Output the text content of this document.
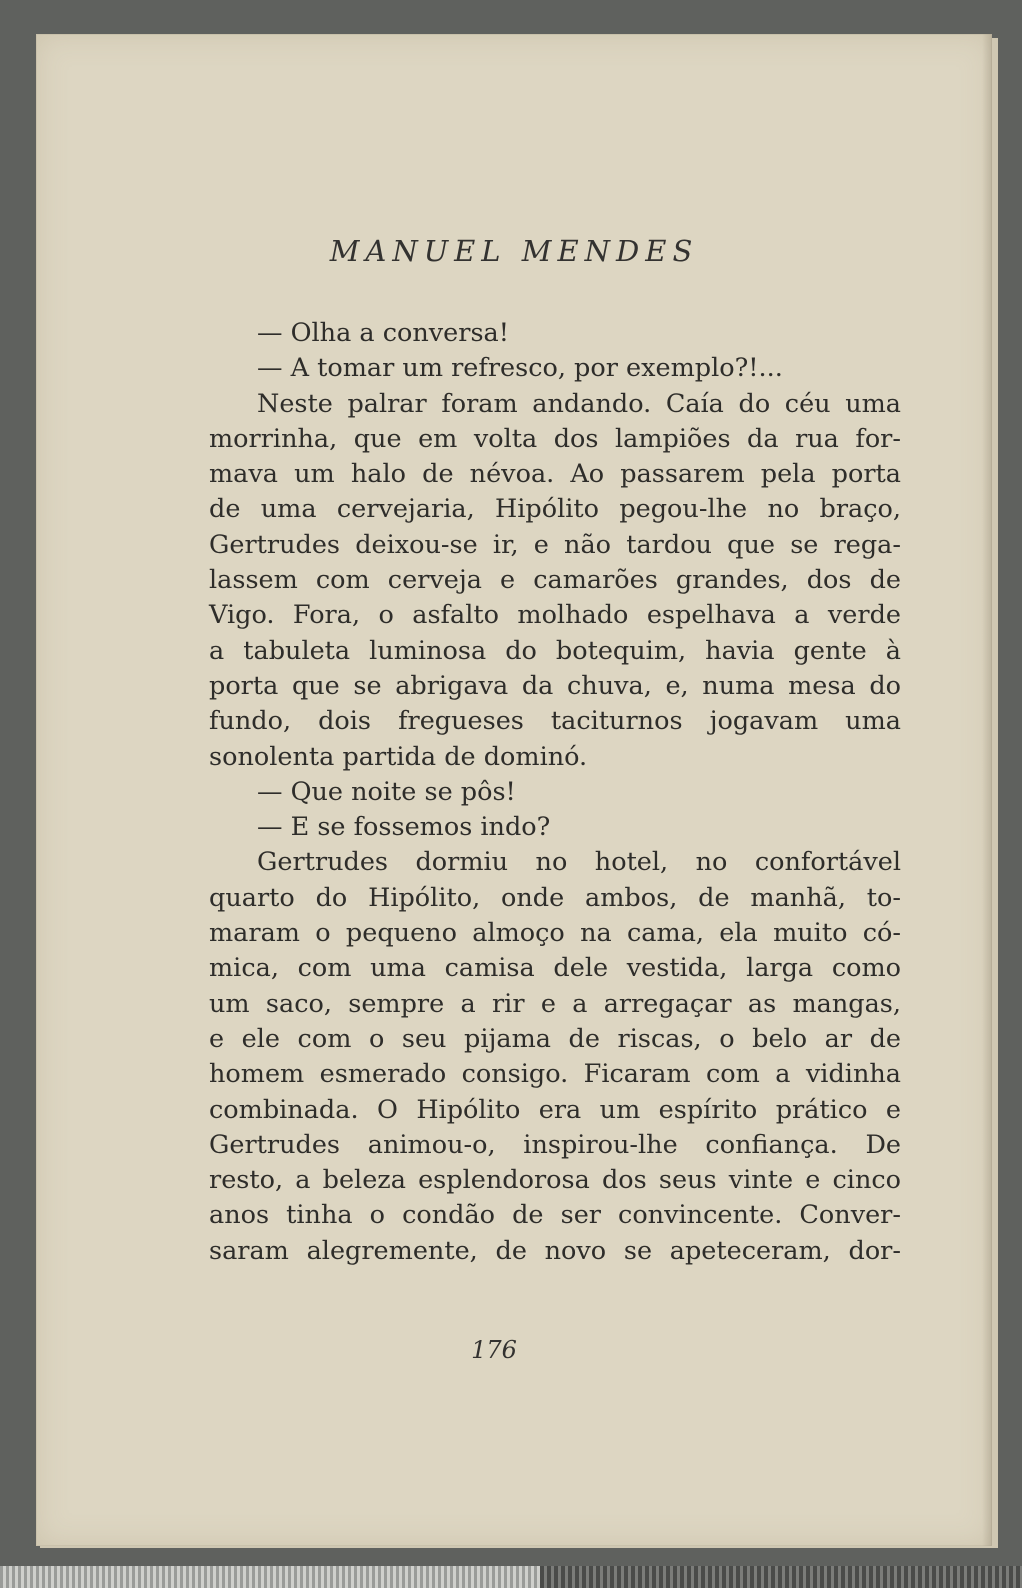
MANUEL MENDES
— Olha a conversa!
— A tomar um refresco, por exemplo?!...
Neste palrar foram andando. Caía do céu uma
morrinha, que em volta dos lampiões da rua for-
mava um halo de névoa. Ao passarem pela porta
de uma cervejaria, Hipólito pegou-lhe no braço,
Gertrudes deixou-se ir, e não tardou que se rega-
lassem com cerveja e camarões grandes, dos de
Vigo. Fora, o asfalto molhado espelhava a verde
a tabuleta luminosa do botequim, havia gente à
porta que se abrigava da chuva, e, numa mesa do
fundo, dois fregueses taciturnos jogavam uma
sonolenta partida de dominó.
— Que noite se pôs!
— E se fossemos indo?
Gertrudes dormiu no hotel, no confortável
quarto do Hipólito, onde ambos, de manhã, to-
maram o pequeno almoço na cama, ela muito có-
mica, com uma camisa dele vestida, larga como
um saco, sempre a rir e a arregaçar as mangas,
e ele com o seu pijama de riscas, o belo ar de
homem esmerado consigo. Ficaram com a vidinha
combinada. O Hipólito era um espírito prático e
Gertrudes animou-o, inspirou-lhe confiança. De
resto, a beleza esplendorosa dos seus vinte e cinco
anos tinha o condão de ser convincente. Conver-
saram alegremente, de novo se apeteceram, dor-
176
